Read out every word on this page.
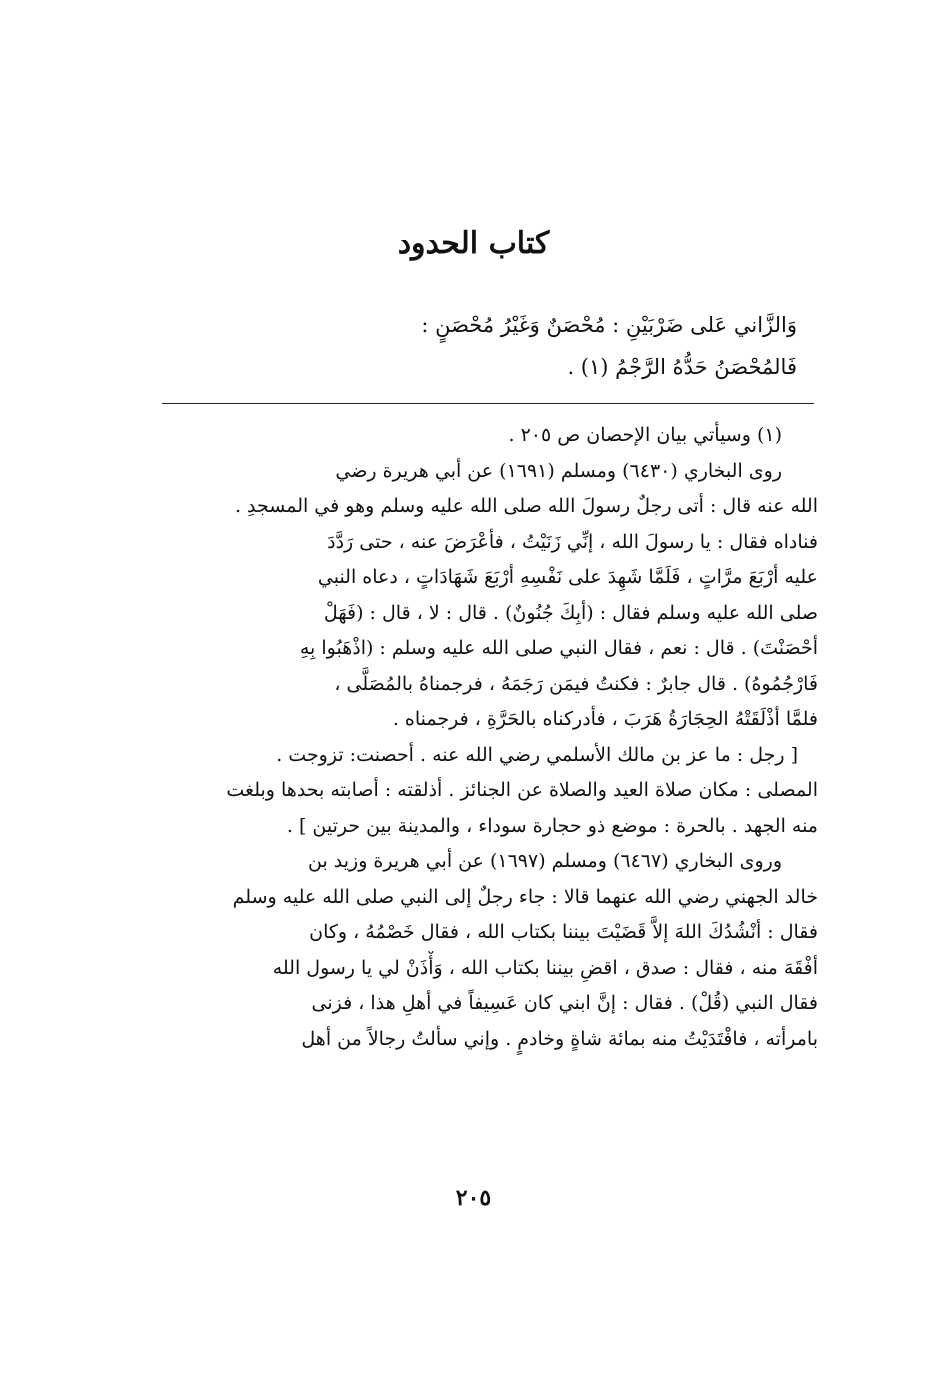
كتاب الحدود
وَالزَّاني عَلى ضَرْبَيْنِ : مُحْصَنٌ وَغَيْرُ مُحْصَنٍ :
فَالمُحْصَنُ حَدُّهُ الرَّجْمُ (١) .
(١) وسيأتي بيان الإحصان ص ٢٠٥ .
روى البخاري (٦٤٣٠) ومسلم (١٦٩١) عن أبي هريرة رضي
الله عنه قال : أتى رجلٌ رسولَ الله صلى الله عليه وسلم وهو في المسجدِ .
فناداه فقال : يا رسولَ الله ، إنِّي زَنَيْتُ ، فأعْرَضَ عنه ، حتى رَدَّدَ
عليه أرْبَعَ مرَّاتٍ ، فَلَمَّا شَهِدَ على نَفْسِهِ أرْبَعَ شَهَادَاتٍ ، دعاه النبي
صلى الله عليه وسلم فقال : (أبِكَ جُنُونٌ) . قال : لا ، قال : (فَهَلْ
أحْصَنْتَ) . قال : نعم ، فقال النبي صلى الله عليه وسلم : (اذْهَبُوا بِهِ
فَارْجُمُوهُ) . قال جابرٌ : فكنتُ فيمَن رَجَمَهُ ، فرجمناهُ بالمُصَلَّى ،
فلمَّا أذْلَقَتْهُ الحِجَارَةُ هَرَبَ ، فأدركناه بالحَرَّةِ ، فرجمناه .
[ رجل : ما عز بن مالك الأسلمي رضي الله عنه . أحصنت: تزوجت .
المصلى : مكان صلاة العيد والصلاة عن الجنائز . أذلقته : أصابته بحدها وبلغت
منه الجهد . بالحرة : موضع ذو حجارة سوداء ، والمدينة بين حرتين ] .
وروى البخاري (٦٤٦٧) ومسلم (١٦٩٧) عن أبي هريرة وزيد بن
خالد الجهني رضي الله عنهما قالا : جاء رجلٌ إلى النبي صلى الله عليه وسلم
فقال : أنْشُدُكَ اللهَ إلاَّ قَضَيْتَ بيننا بكتاب الله ، فقال خَصْمُهُ ، وكان
أفْقَهَ منه ، فقال : صدق ، اقضِ بيننا بكتاب الله ، وَأْذَنْ لي يا رسول الله
فقال النبي (قُلْ) . فقال : إنَّ ابني كان عَسِيفاً في أهلِ هذا ، فزنى
بامرأته ، فافْتَدَيْتُ منه بمائة شاةٍ وخادمٍ . وإني سألتُ رجالاً من أهل
٢٠٥
